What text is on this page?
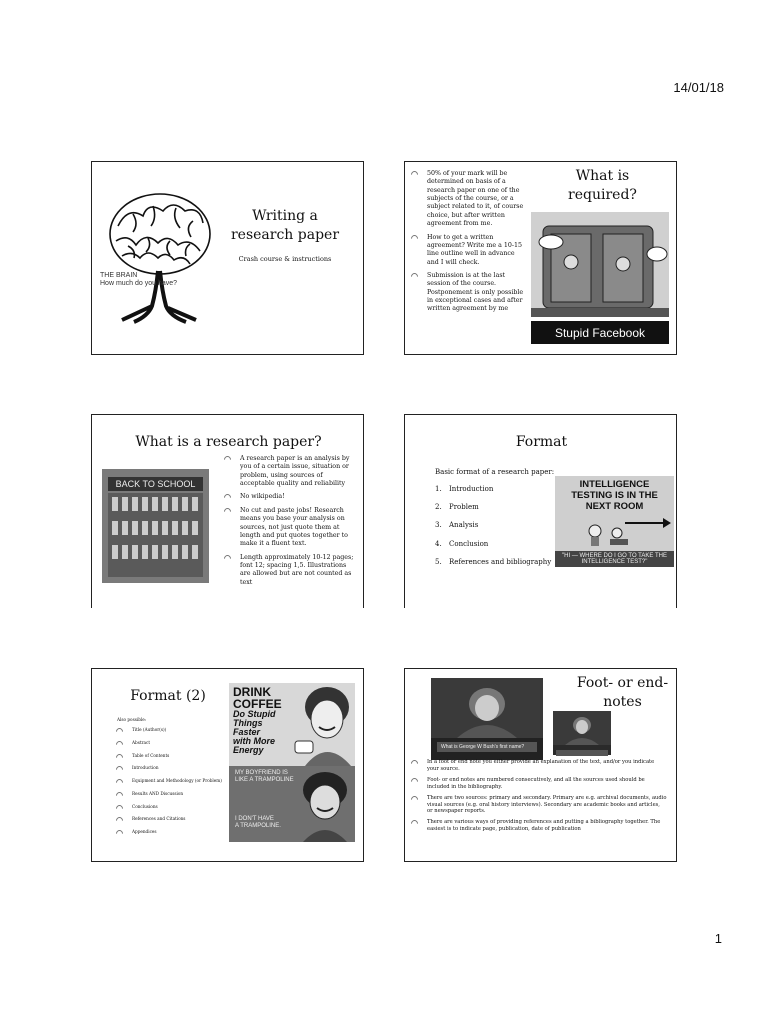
14/01/18
THE BRAIN
How much do you have?
Writing a research paper
Crash course & instructions
50% of your mark will be determined on basis of a research paper on one of the subjects of the course, or a subject related to it, of course choice, but after written agreement from me.
How to get a written agreement? Write me a 10-15 line outline well in advance and I will check.
Submission is at the last session of the course. Postponement is only possible in exceptional cases and after written agreement by me
What is required?
Stupid Facebook
What is a research paper?
BACK TO SCHOOL
A research paper is an analysis by you of a certain issue, situation or problem, using sources of acceptable quality and reliability
No wikipedia!
No cut and paste jobs! Research means you base your analysis on sources, not just quote them at length and put quotes together to make it a fluent text.
Length approximately 10-12 pages; font 12; spacing 1,5. Illustrations are allowed but are not counted as text
Format
Basic format of a research paper:
1. Introduction
2. Problem
3. Analysis
4. Conclusion
5. References and bibliography
INTELLIGENCE TESTING IS IN THE NEXT ROOM
"HI — WHERE DO I GO TO TAKE THE INTELLIGENCE TEST?"
Format (2)
Also possible:
Title (Author(s))
Abstract
Table of Contents
Introduction
Equipment and Methodology (or Problem)
Results AND Discussion
Conclusions
References and Citations
Appendices
DRINK
COFFEE
Do Stupid
Things
Faster
with More
Energy
MY BOYFRIEND IS
LIKE A TRAMPOLINE
I DON'T HAVE
A TRAMPOLINE.
What is George W Bush's first name?
Foot- or end-notes
In a foot or end note you either provide an explanation of the text, and/or you indicate your source.
Foot- or end notes are numbered consecutively, and all the sources used should be included in the bibliography.
There are two sources: primary and secondary. Primary are e.g. archival documents, audio visual sources (e.g. oral history interviews). Secondary are academic books and articles, or newspaper reports.
There are various ways of providing references and putting a bibliography together. The easiest is to indicate page, publication, date of publication
1
